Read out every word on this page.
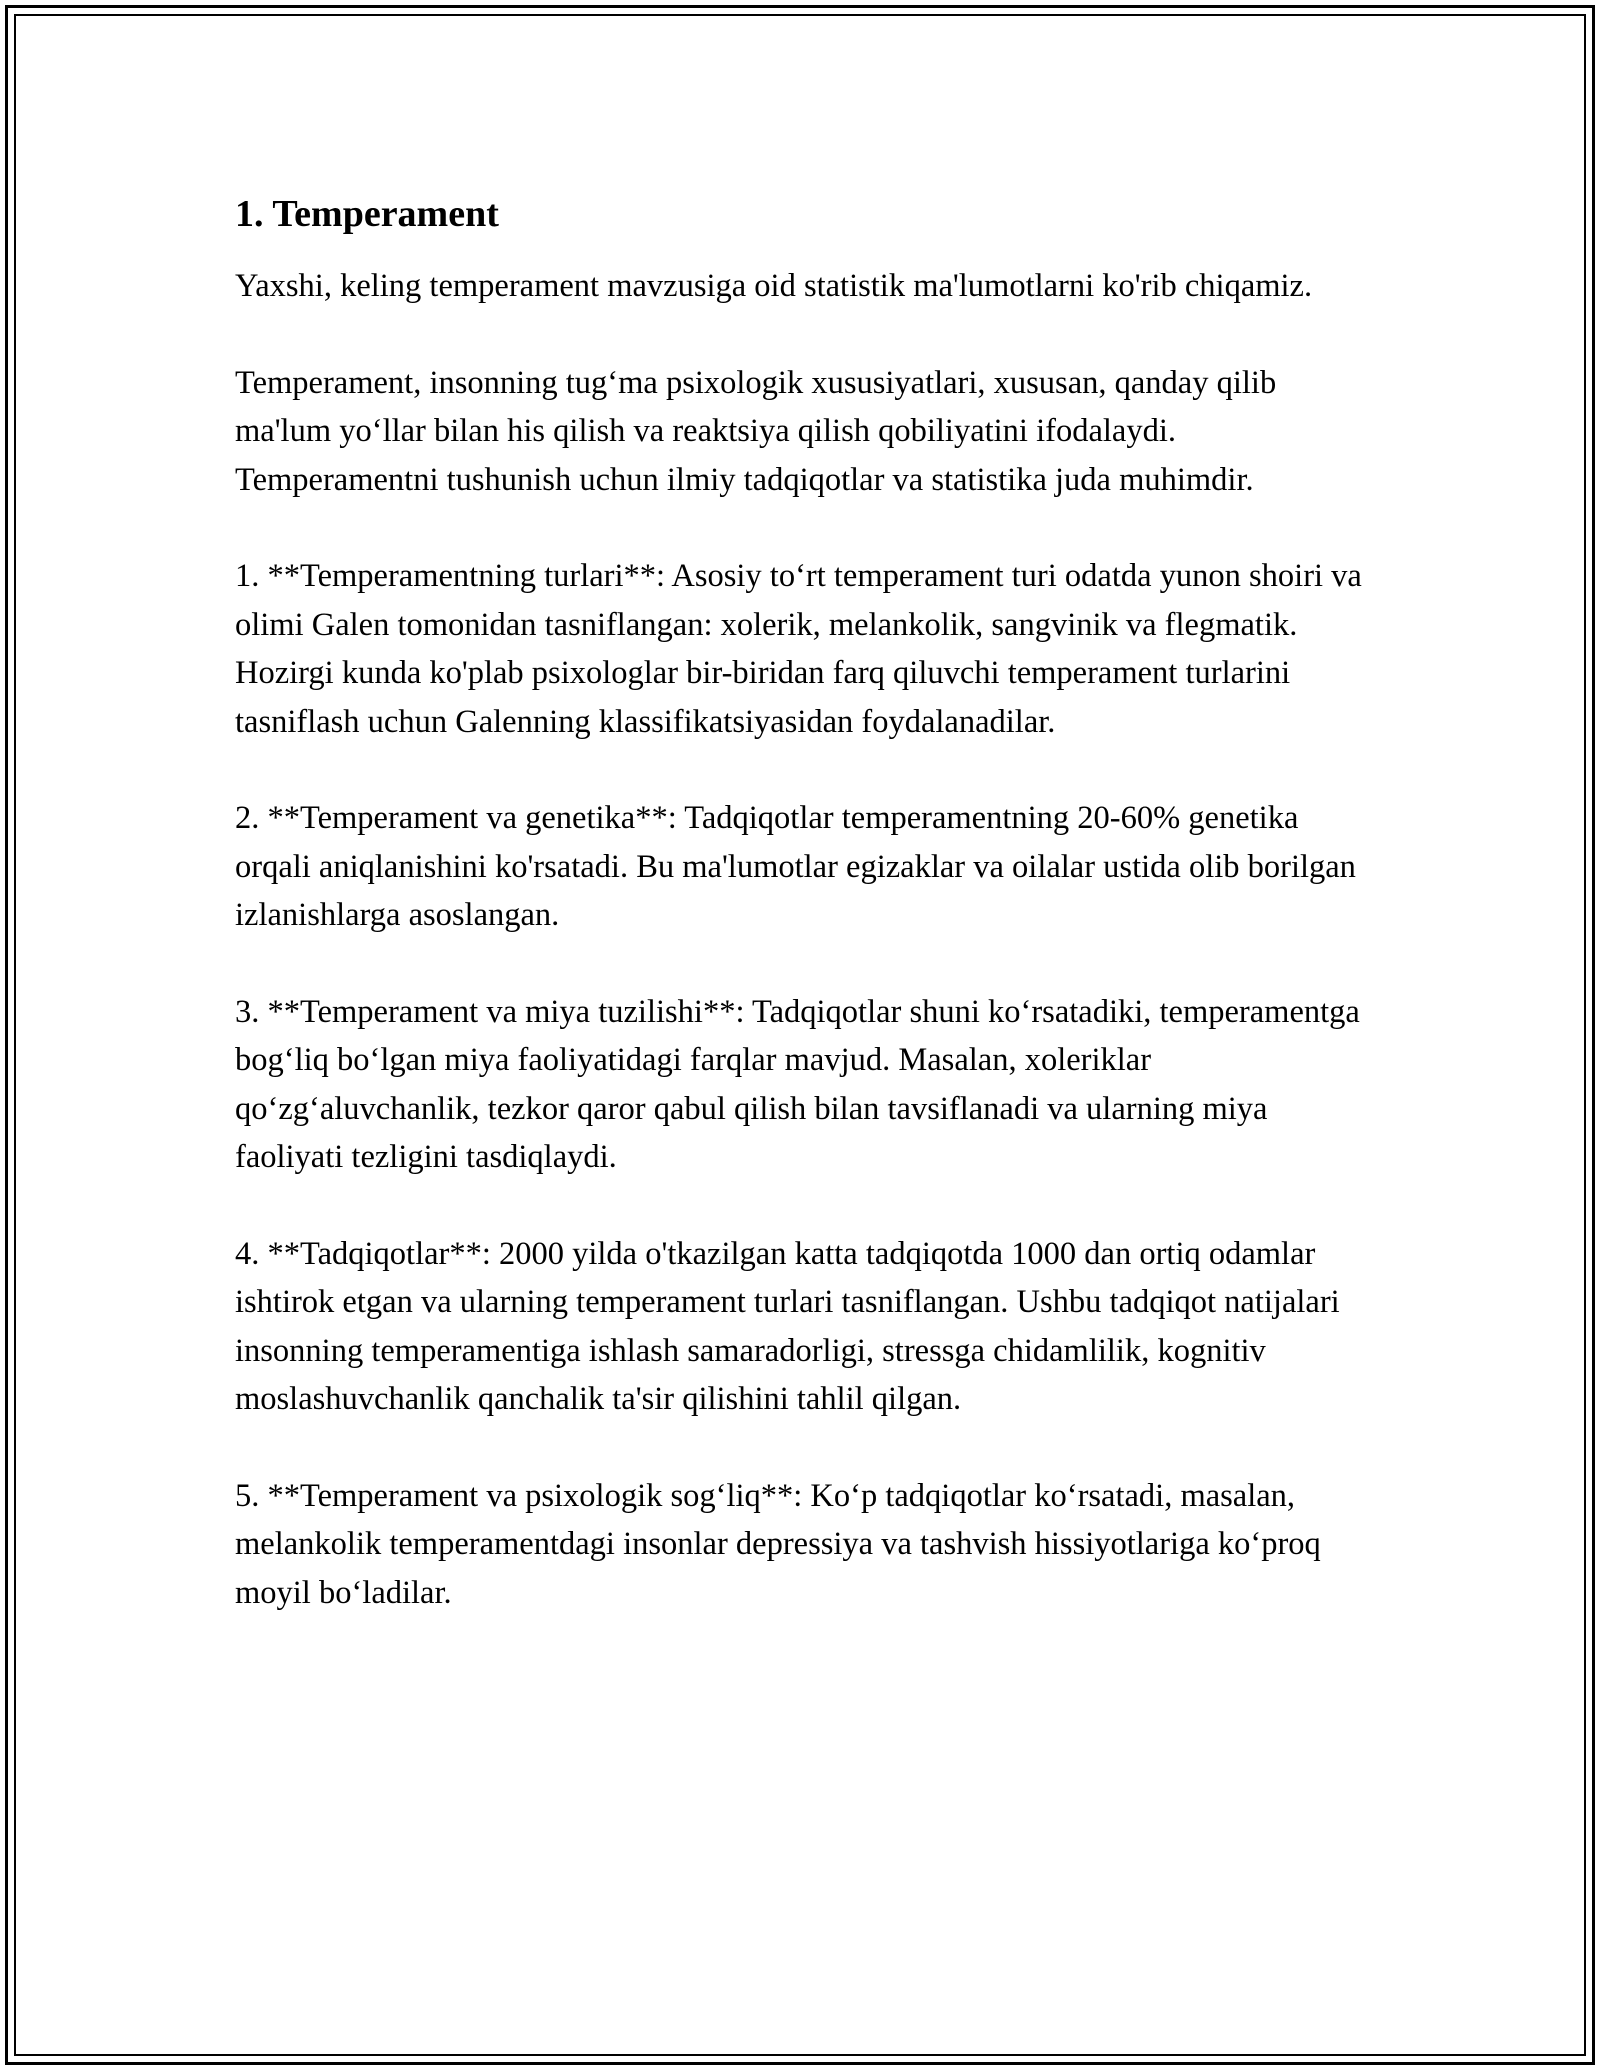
1. Temperament

Yaxshi, keling temperament mavzusiga oid statistik ma'lumotlarni ko'rib chiqamiz.

Temperament, insonning tug‘ma psixologik xususiyatlari, xususan, qanday qilib ma'lum yo‘llar bilan his qilish va reaktsiya qilish qobiliyatini ifodalaydi. Temperamentni tushunish uchun ilmiy tadqiqotlar va statistika juda muhimdir.

1. **Temperamentning turlari**: Asosiy to‘rt temperament turi odatda yunon shoiri va olimi Galen tomonidan tasniflangan: xolerik, melankolik, sangvinik va flegmatik. Hozirgi kunda ko'plab psixologlar bir-biridan farq qiluvchi temperament turlarini tasniflash uchun Galenning klassifikatsiyasidan foydalanadilar.

2. **Temperament va genetika**: Tadqiqotlar temperamentning 20-60% genetika orqali aniqlanishini ko'rsatadi. Bu ma'lumotlar egizaklar va oilalar ustida olib borilgan izlanishlarga asoslangan.

3. **Temperament va miya tuzilishi**: Tadqiqotlar shuni ko‘rsatadiki, temperamentga bog‘liq bo‘lgan miya faoliyatidagi farqlar mavjud. Masalan, xoleriklar qo‘zg‘aluvchanlik, tezkor qaror qabul qilish bilan tavsiflanadi va ularning miya faoliyati tezligini tasdiqlaydi.

4. **Tadqiqotlar**: 2000 yilda o'tkazilgan katta tadqiqotda 1000 dan ortiq odamlar ishtirok etgan va ularning temperament turlari tasniflangan. Ushbu tadqiqot natijalari insonning temperamentiga ishlash samaradorligi, stressga chidamlilik, kognitiv moslashuvchanlik qanchalik ta'sir qilishini tahlil qilgan.

5. **Temperament va psixologik sog‘liq**: Ko‘p tadqiqotlar ko‘rsatadi, masalan, melankolik temperamentdagi insonlar depressiya va tashvish hissiyotlariga ko‘proq moyil bo‘ladilar.
